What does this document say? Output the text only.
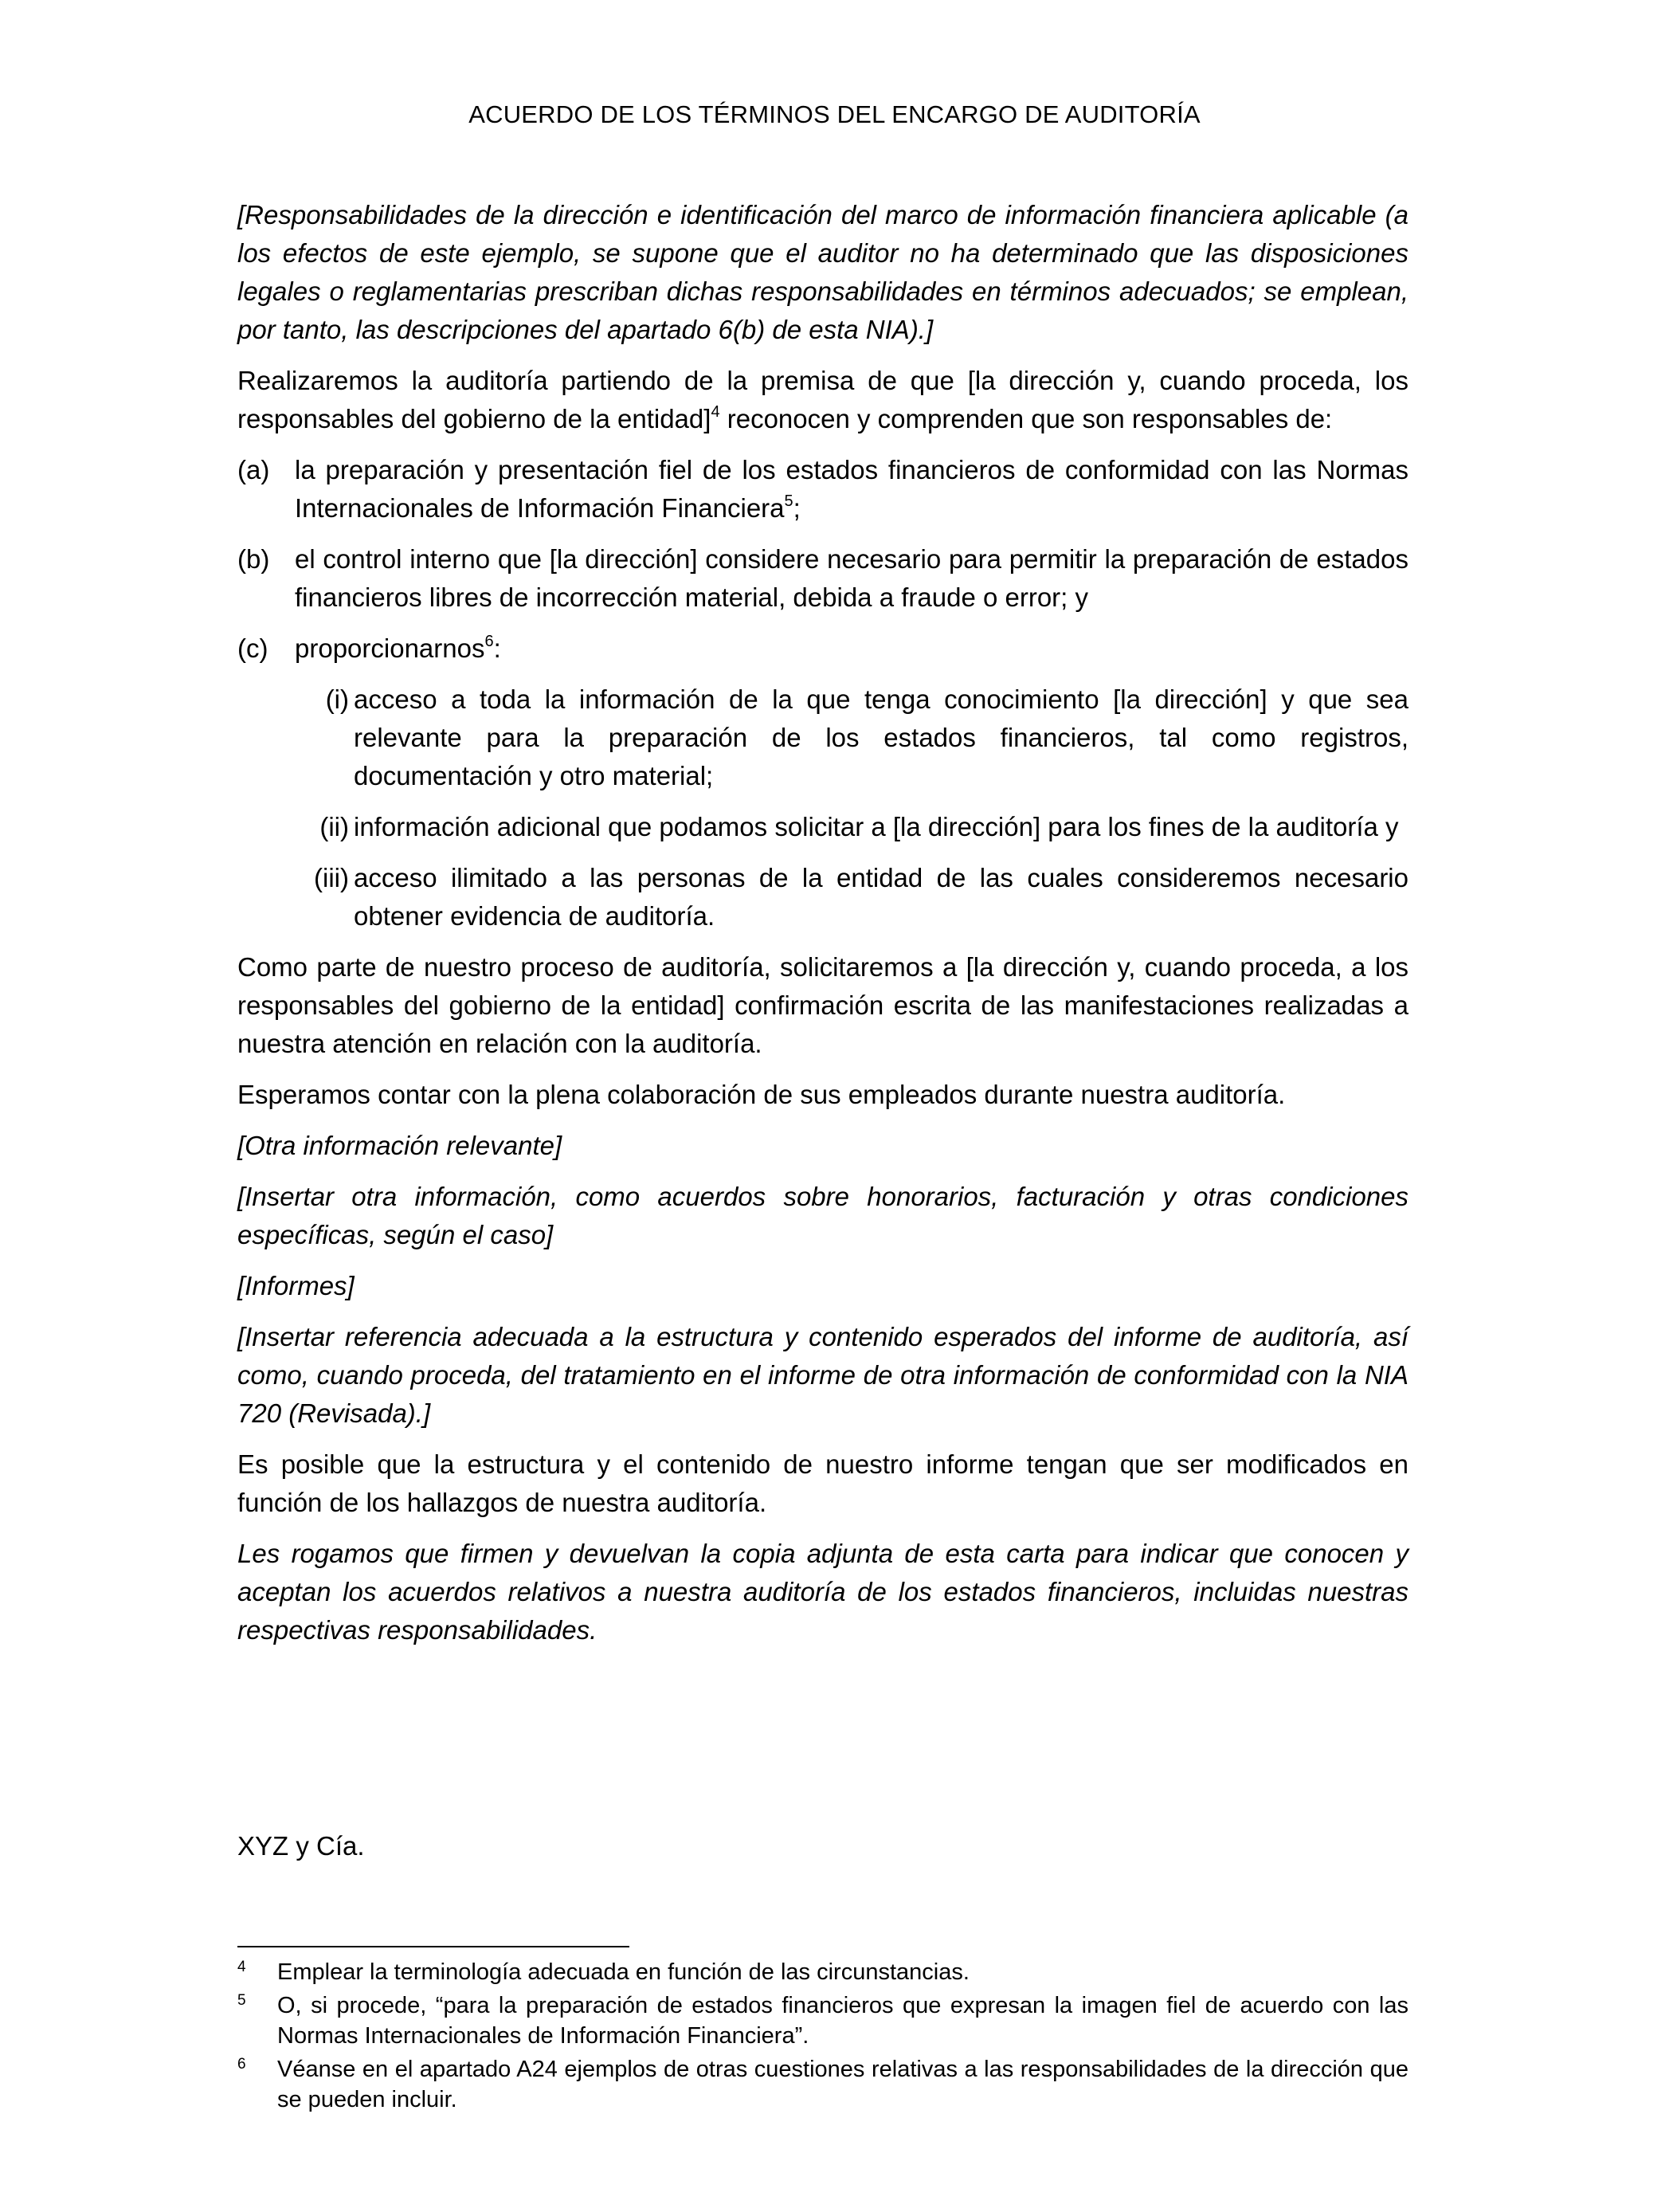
ACUERDO DE LOS TÉRMINOS DEL ENCARGO DE AUDITORÍA

[Responsabilidades de la dirección e identificación del marco de información financiera aplicable (a los efectos de este ejemplo, se supone que el auditor no ha determinado que las disposiciones legales o reglamentarias prescriban dichas responsabilidades en términos adecuados; se emplean, por tanto, las descripciones del apartado 6(b) de esta NIA).]

Realizaremos la auditoría partiendo de la premisa de que [la dirección y, cuando proceda, los responsables del gobierno de la entidad]$^4$ reconocen y comprenden que son responsables de:

(a) la preparación y presentación fiel de los estados financieros de conformidad con las Normas Internacionales de Información Financiera$^5$;
(b) el control interno que [la dirección] considere necesario para permitir la preparación de estados financieros libres de incorrección material, debida a fraude o error; y
(c)	proporcionarnos$^6$:
(i) acceso a toda la información de la que tenga conocimiento [la dirección] y que sea relevante para la preparación de los estados financieros, tal como registros, documentación y otro material;
(ii) información adicional que podamos solicitar a [la dirección] para los fines de la auditoría y
(iii) acceso ilimitado a las personas de la entidad de las cuales consideremos necesario obtener evidencia de auditoría.

Como parte de nuestro proceso de auditoría, solicitaremos a [la dirección y, cuando proceda, a los responsables del gobierno de la entidad] confirmación escrita de las manifestaciones realizadas a nuestra atención en relación con la auditoría.

Esperamos contar con la plena colaboración de sus empleados durante nuestra auditoría.

[Otra información relevante]

[Insertar otra información, como acuerdos sobre honorarios, facturación y otras condiciones específicas, según el caso]

[Informes]

[Insertar referencia adecuada a la estructura y contenido esperados del informe de auditoría, así como, cuando proceda, del tratamiento en el informe de otra información de conformidad con la NIA 720 (Revisada).]

Es posible que la estructura y el contenido de nuestro informe tengan que ser modificados en función de los hallazgos de nuestra auditoría.

Les rogamos que firmen y devuelvan la copia adjunta de esta carta para indicar que conocen y aceptan los acuerdos relativos a nuestra auditoría de los estados financieros, incluidas nuestras respectivas responsabilidades.

XYZ y Cía.
4	Emplear la terminología adecuada en función de las circunstancias.
5	O, si procede, “para la preparación de estados financieros que expresan la imagen fiel de acuerdo con las Normas Internacionales de Información Financiera”.
6	Véanse en el apartado A24 ejemplos de otras cuestiones relativas a las responsabilidades de la dirección que se pueden incluir.
